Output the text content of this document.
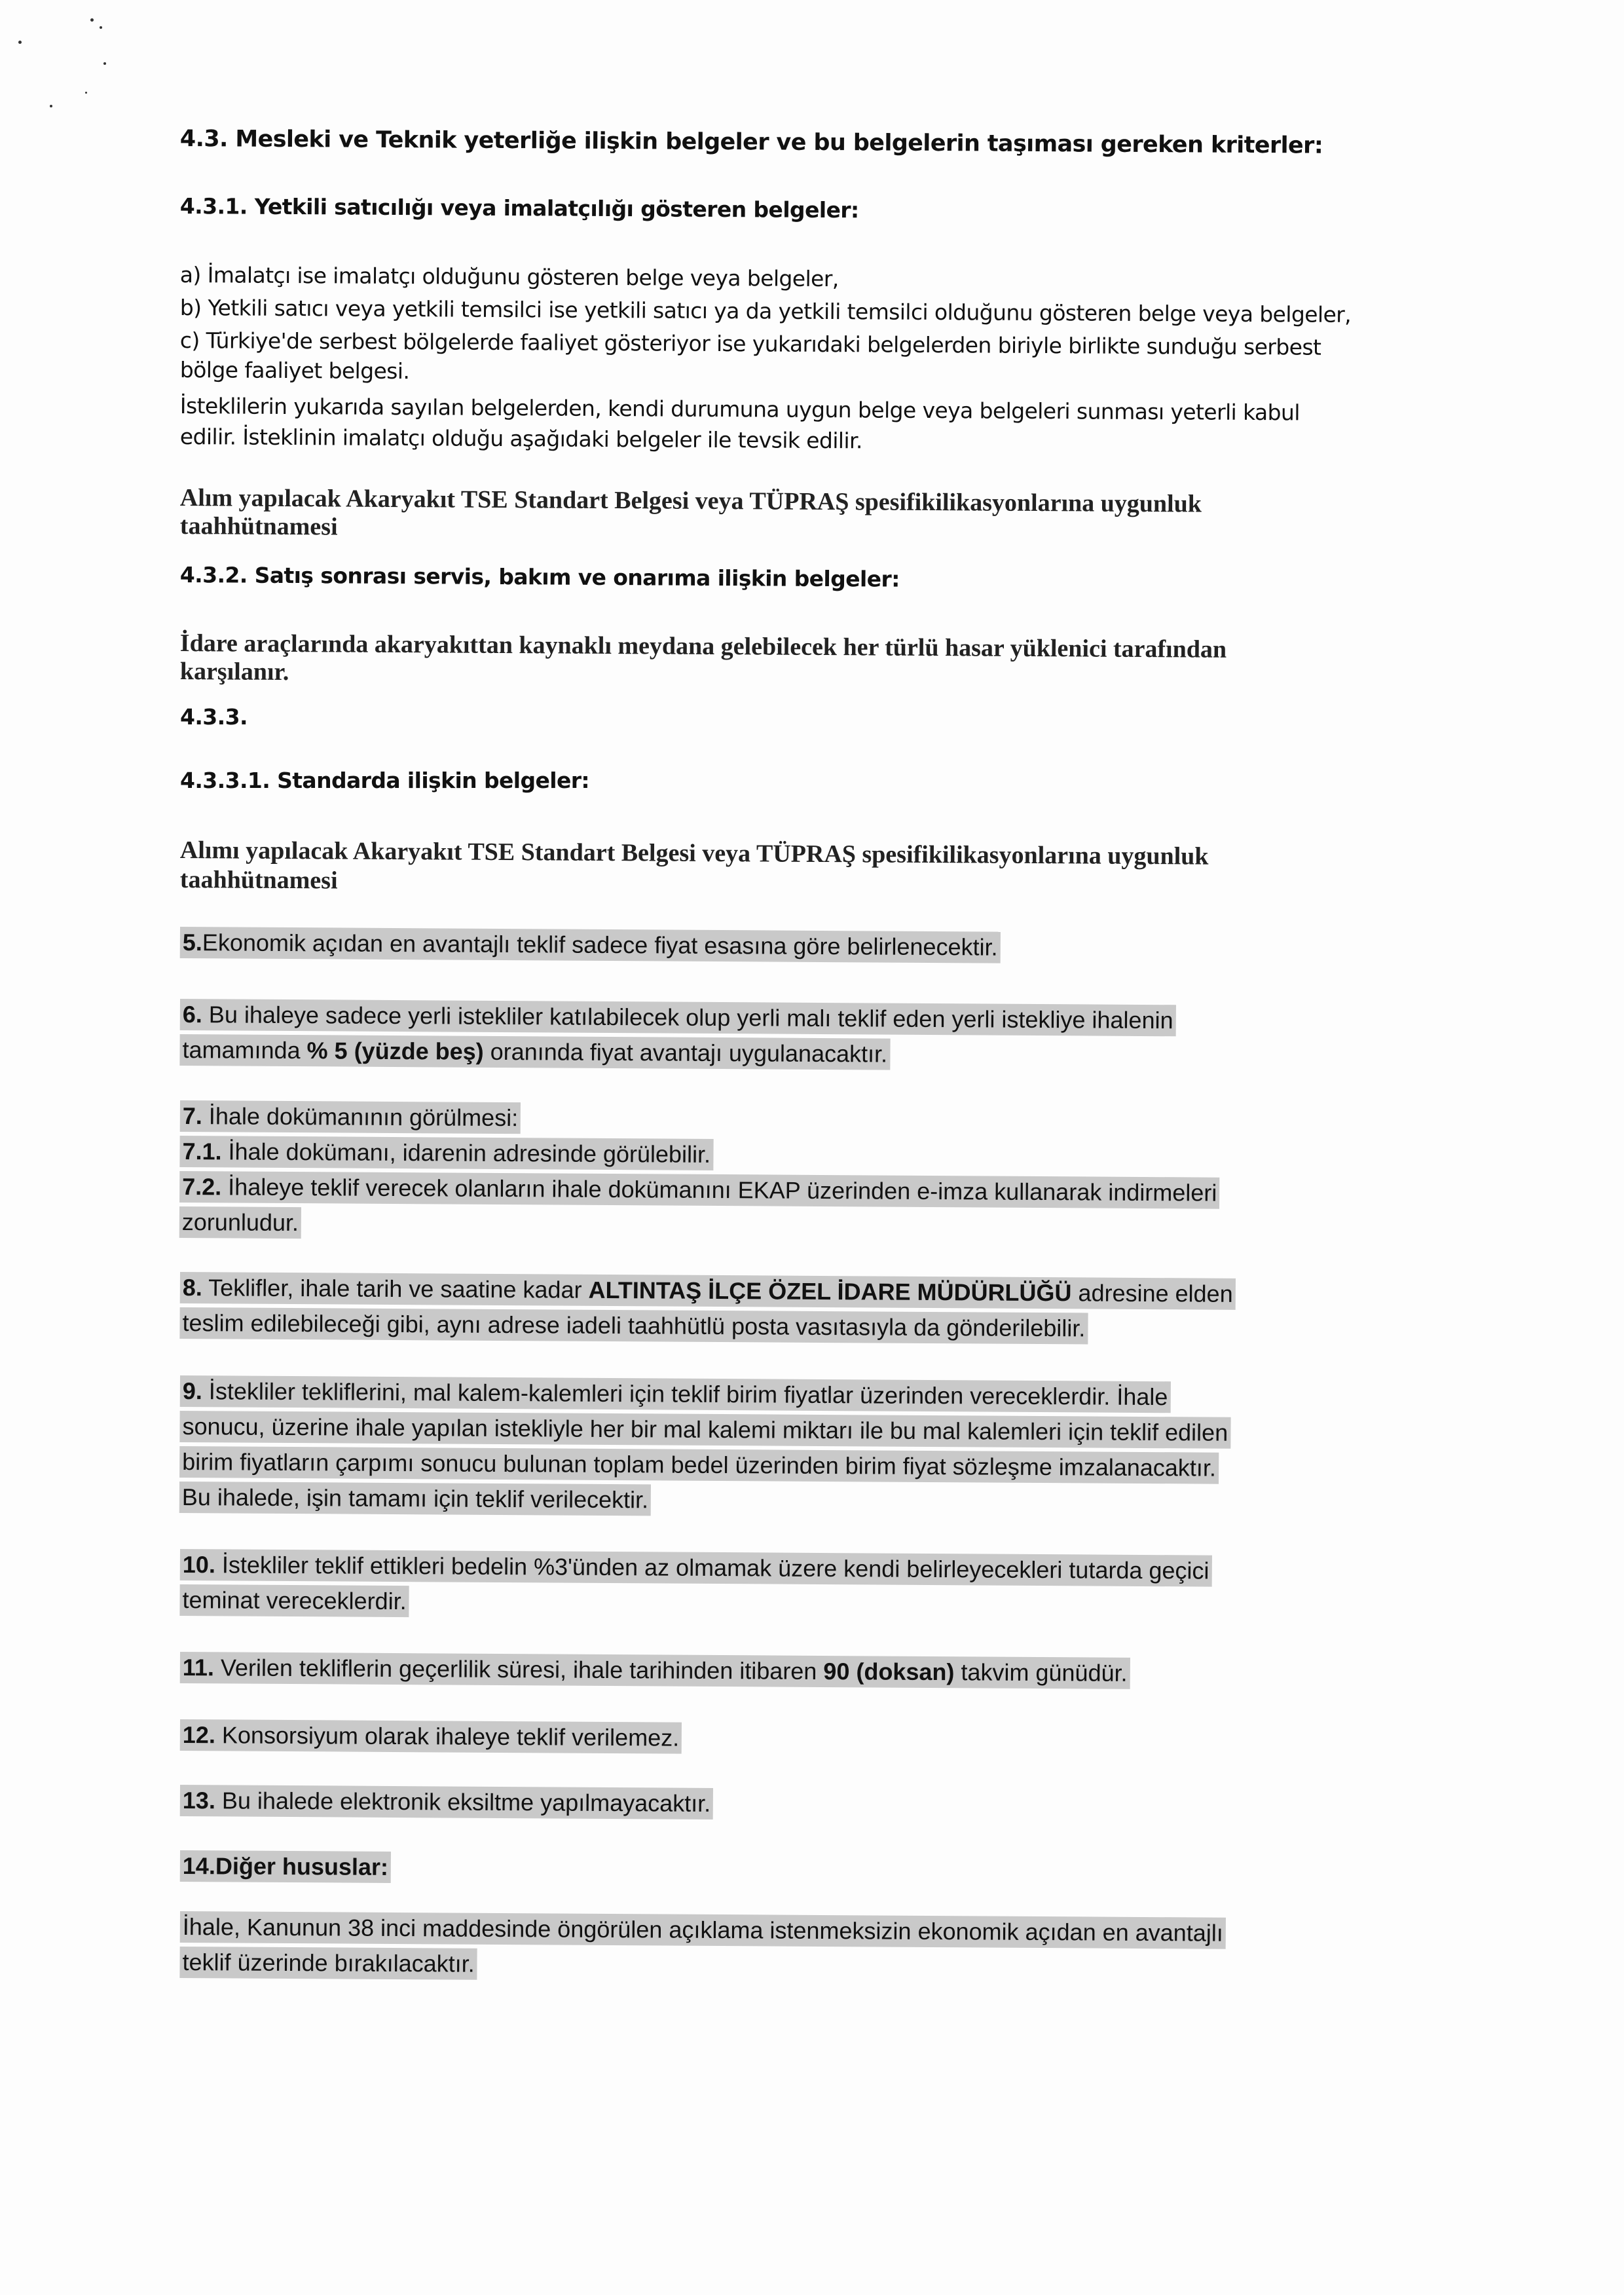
4.3. Mesleki ve Teknik yeterliğe ilişkin belgeler ve bu belgelerin taşıması gereken kriterler:
4.3.1. Yetkili satıcılığı veya imalatçılığı gösteren belgeler:
a) İmalatçı ise imalatçı olduğunu gösteren belge veya belgeler,
b) Yetkili satıcı veya yetkili temsilci ise yetkili satıcı ya da yetkili temsilci olduğunu gösteren belge veya belgeler,
c) Türkiye'de serbest bölgelerde faaliyet gösteriyor ise yukarıdaki belgelerden biriyle birlikte sunduğu serbest
bölge faaliyet belgesi.
İsteklilerin yukarıda sayılan belgelerden, kendi durumuna uygun belge veya belgeleri sunması yeterli kabul
edilir. İsteklinin imalatçı olduğu aşağıdaki belgeler ile tevsik edilir.
Alım yapılacak Akaryakıt TSE Standart Belgesi veya TÜPRAŞ spesifikilikasyonlarına uygunluk
taahhütnamesi
4.3.2. Satış sonrası servis, bakım ve onarıma ilişkin belgeler:
İdare araçlarında akaryakıttan kaynaklı meydana gelebilecek her türlü hasar yüklenici tarafından
karşılanır.
4.3.3.
4.3.3.1. Standarda ilişkin belgeler:
Alımı yapılacak Akaryakıt TSE Standart Belgesi veya TÜPRAŞ spesifikilikasyonlarına uygunluk
taahhütnamesi
5.Ekonomik açıdan en avantajlı teklif sadece fiyat esasına göre belirlenecektir.
6. Bu ihaleye sadece yerli istekliler katılabilecek olup yerli malı teklif eden yerli istekliye ihalenin
tamamında % 5 (yüzde beş) oranında fiyat avantajı uygulanacaktır.
7. İhale dokümanının görülmesi:
7.1. İhale dokümanı, idarenin adresinde görülebilir.
7.2. İhaleye teklif verecek olanların ihale dokümanını EKAP üzerinden e-imza kullanarak indirmeleri
zorunludur.
8. Teklifler, ihale tarih ve saatine kadar ALTINTAŞ İLÇE ÖZEL İDARE MÜDÜRLÜĞÜ adresine elden
teslim edilebileceği gibi, aynı adrese iadeli taahhütlü posta vasıtasıyla da gönderilebilir.
9. İstekliler tekliflerini, mal kalem-kalemleri için teklif birim fiyatlar üzerinden vereceklerdir. İhale
sonucu, üzerine ihale yapılan istekliyle her bir mal kalemi miktarı ile bu mal kalemleri için teklif edilen
birim fiyatların çarpımı sonucu bulunan toplam bedel üzerinden birim fiyat sözleşme imzalanacaktır.
Bu ihalede, işin tamamı için teklif verilecektir.
10. İstekliler teklif ettikleri bedelin %3'ünden az olmamak üzere kendi belirleyecekleri tutarda geçici
teminat vereceklerdir.
11. Verilen tekliflerin geçerlilik süresi, ihale tarihinden itibaren 90 (doksan) takvim günüdür.
12. Konsorsiyum olarak ihaleye teklif verilemez.
13. Bu ihalede elektronik eksiltme yapılmayacaktır.
14.Diğer hususlar:
İhale, Kanunun 38 inci maddesinde öngörülen açıklama istenmeksizin ekonomik açıdan en avantajlı
teklif üzerinde bırakılacaktır.
